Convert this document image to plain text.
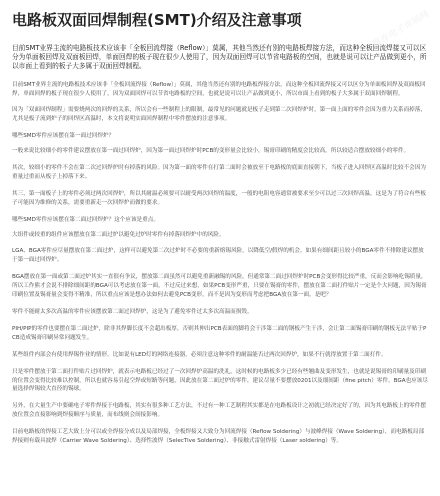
维库电子市场网
电路板双面回焊制程(SMT)介绍及注意事项

目前SMT业界主流的电路板技术应该非「全板回流焊接（Reflow）」莫属，其他当然还有别的电路板焊接方法，而这种全板回流焊接又可以区分为单面板回焊及双面板回焊，单面回焊的板子现在很少人使用了，因为双面回焊可以节省电路板的空间，也就是说可以让产品做到更小，所以市面上看到的板子大多属于双面回焊制程。

目前SMT业界主流的电路板技术应该非「全板回流焊接（Reflow）」莫属，其他当然还有别的电路板焊接方法，而这种全板回流焊接又可以区分为单面板回焊及双面板回焊，单面回焊的板子现在很少人使用了，因为双面回焊可以节省电路板的空间，也就是说可以让产品做到更小，所以市面上看到的板子大多属于双面回焊制程。

因为「双面回焊制程」需要烧两次的回焊的关系，所以会有一些制程上的限制，最常见的问题就是板子走到第二次回焊炉时，第一面上面的零件会因为重力关系而掉落，尤其是板子流到炉子的回焊区高温时，本文将说明实面回焊制程中零件摆放的注意事项。

哪些SMD零件应该摆在第一面过回焊炉？

一般来说比较细小的零件建议摆放在第一面过回焊炉，因为第一面过回焊炉时PCB的变形量会比较小，锡膏印刷的精度会比较高，所以较适合摆放较细小的零件。

其次，较细小的零件不会在第二次过回焊炉时有掉落的风险。因为第一面的零件在打第二面时会被放至于电路板的底面直接朝下，当板子进入回焊区高温时比较不会因为重量过重而从板子上掉落下来。

其三，第一面板子上的零件必须过两次回焊炉，所以其耐温必须要可以耐受两次回焊的温度，一般的电阻电容通常被要求至少可以过三次回焊高温，这是为了符合有些板子可能因为维修的关系，需要重新走一次回焊炉而做的要求。

哪些SMD零件应该摆在第二面过回焊炉？这个应该是重点。

大组件或较重的组件应该摆放在第二面过炉以避免过炉时零件有掉落回焊炉中的风险。

LGA、BGA零件应尽量摆放在第二面过炉，这样可以避免第二次过炉时不必要的重新熔锡风险，以降低空/假焊的机会。如果有细间距且较小的BGA零件不排除建议摆放于第一面过回焊炉。

BGA摆放在第一面或第二面过炉其实一直很有争议，摆放第二面虽然可以避免重新融锡的风险，但通常第二面过回焊炉时PCB会变形得比较严重，反而会影响吃锡质量，所以工作熊才会说不排除细间距的BGA可以考虑放在第一面，不过反过来想，如果PCB变形严重，只要在锡膏的零件，摆放在第二面打件贴片一定是个大问题，因为锡膏印刷位置及锡膏量会变得不精准，所以重点应该是想办法如何去避免PCB变形，而不是因为变形而考虑把BGA放在第一面，是吧？

零件不能耐太多次高温的零件应该摆放第二面过回焊炉，这是为了避免零件过太多次高温而损毁。

PIH/PIP的零件也要摆在第二面过炉，除非其焊脚长度不会超出板厚，否则其伸出PCB表面的脚将会干涉第二面的钢板产生干涉，会让第二面锡膏印刷的钢板无法平贴于PCB造成锡膏印刷异常问题发生。

某些组件内部会有使用焊锡作业的情形，比如说有LED灯的网络连接器，必须注意这种零件的耐温能否过两次回焊炉，如果不行就得放置于第二面打件。

只是零件摆放于第二面打件贴片过回焊炉，就表示电路板已经过了一次回焊炉高温的洗礼，这时候的电路板多少已经有些翘曲及变形发生，也就是说锡膏的印刷量及印刷的位置会变得比较难以控制，所以也就容易引起空焊或短路等问题，因此放在第二面过炉的零件，建议尽量不要摆放0201以及细间距（fine pitch）零件，BGA也应该尽量选择焊锡较大直径的锡球。

另外，在大量生产中要确电子零件焊接于电路板，其实有很多种工艺方法，不过有一种工艺制程其实都是在电路板设计之初就已经决定好了的，因为其电路板上的零件摆放位置会直接影响到焊接顺序与质量，而布线则会间接影响。

目前电路板的焊接工艺大致上分可以或全焊接分成以及局部焊接，全板焊接又大致分为回流焊接（Reflow Soldering）与波峰焊接（Wave Soldering），而电路板局部焊接则有载具波焊（Carrier Wave Soldering）、选择性波焊（SelecTive Soldering）、非接触式雷射焊接（Laser soldering）等。
